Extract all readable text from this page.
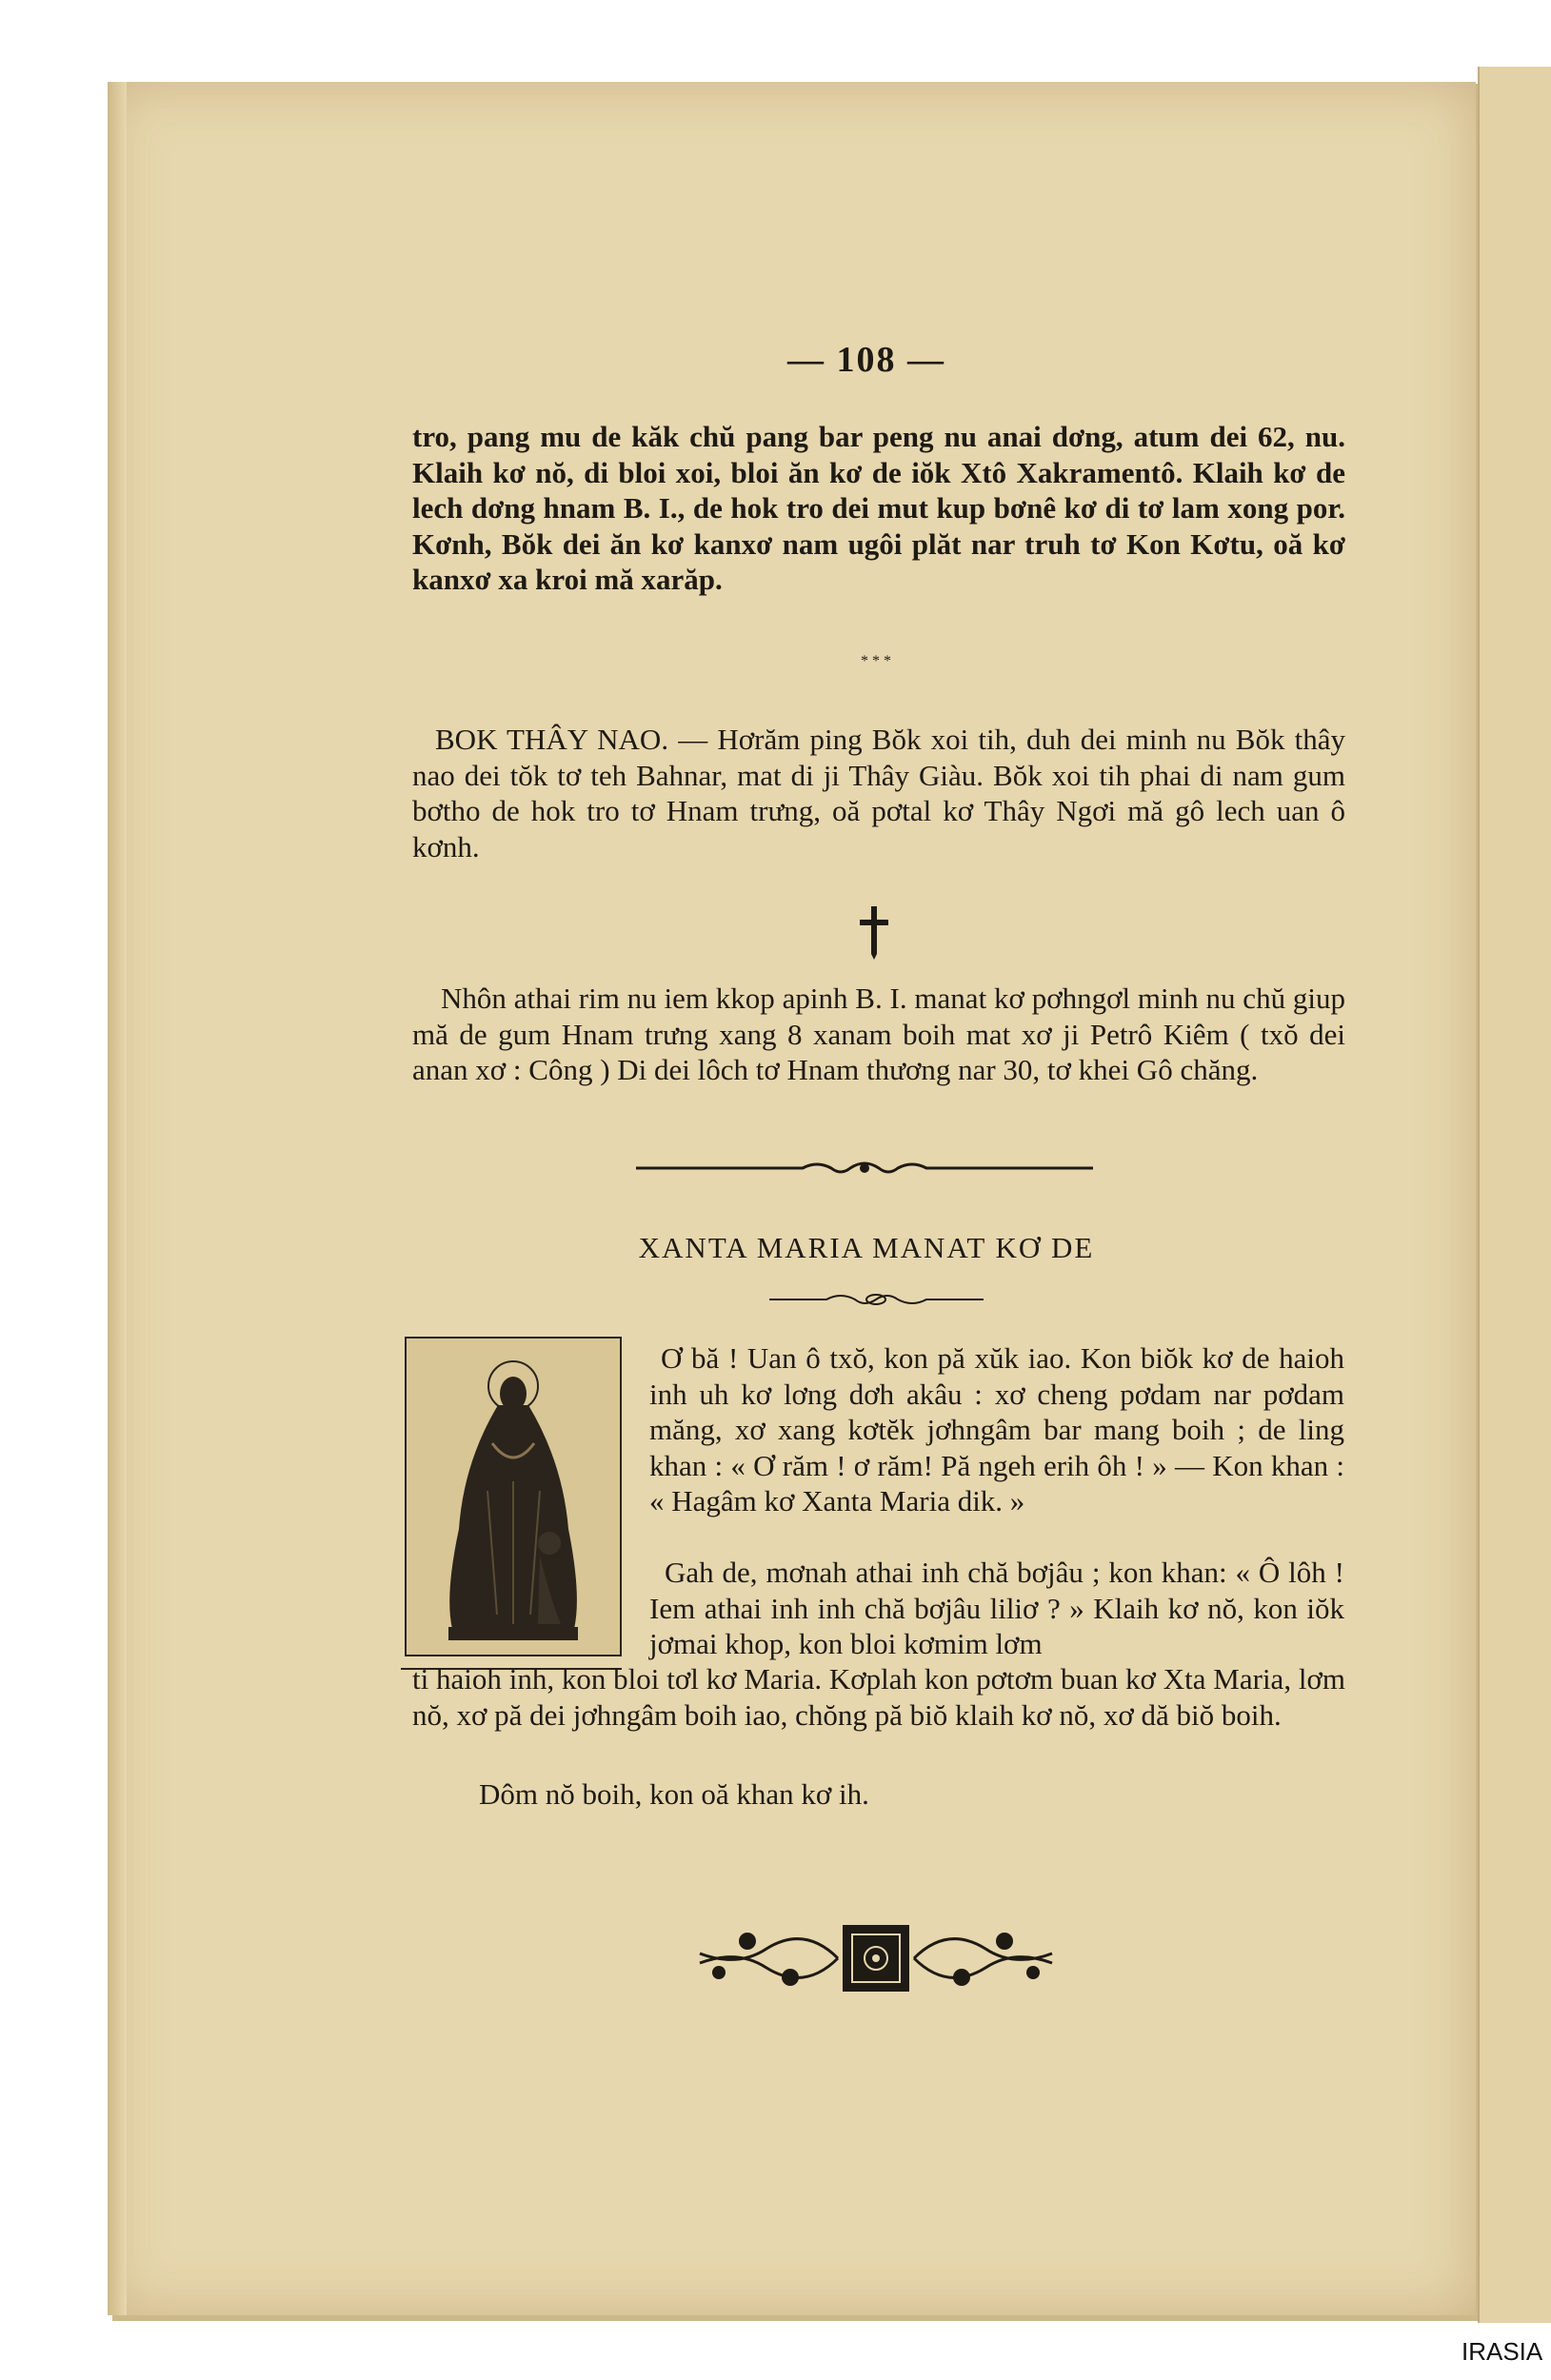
— 108 —

tro, pang mu de kăk chŭ pang bar peng nu anai dơng, atum dei 62, nu. Klaih kơ nŏ, di bloi xoi, bloi ăn kơ de iŏk Xtô Xakramentô. Klaih kơ de lech dơng hnam B. I., de hok tro dei mut kup bơnê kơ di tơ lam xong por. Kơnh, Bŏk dei ăn kơ kanxơ nam ugôi plăt nar truh tơ Kon Kơtu, oă kơ kanxơ xa kroi mă xarăp.

* * *

BOK THÂY NAO. — Hơrăm ping Bŏk xoi tih, duh dei minh nu Bŏk thây nao dei tŏk tơ teh Bahnar, mat di ji Thây Giàu. Bŏk xoi tih phai di nam gum bơtho de hok tro tơ Hnam trưng, oă pơtal kơ Thây Ngơi mă gô lech uan ô kơnh.

Nhôn athai rim nu iem kkop apinh B. I. manat kơ pơhngơl minh nu chŭ giup mă de gum Hnam trưng xang 8 xanam boih mat xơ ji Petrô Kiêm ( txŏ dei anan xơ : Công ) Di dei lôch tơ Hnam thương nar 30, tơ khei Gô chăng.

XANTA MARIA MANAT KƠ DE
MARIAE

Ơ bă ! Uan ô txŏ, kon pă xŭk iao. Kon biŏk kơ de haioh inh uh kơ lơng dơh akâu : xơ cheng pơdam nar pơdam măng, xơ xang kơtĕk jơhngâm bar mang boih ; de ling khan : « Ơ răm ! ơ răm! Pă ngeh erih ôh ! » — Kon khan : « Hagâm kơ Xanta Maria dik. »

Gah de, mơnah athai inh chă bơjâu ; kon khan: « Ô lôh ! Iem athai inh inh chă bơjâu liliơ ? » Klaih kơ nŏ, kon iŏk jơmai khop, kon bloi kơmim lơm

ti haioh inh, kon bloi tơl kơ Maria. Kơplah kon pơtơm buan kơ Xta Maria, lơm nŏ, xơ pă dei jơhngâm boih iao, chŏng pă biŏ klaih kơ nŏ, xơ dă biŏ boih.

Dôm nŏ boih, kon oă khan kơ ih.

IRASIA
